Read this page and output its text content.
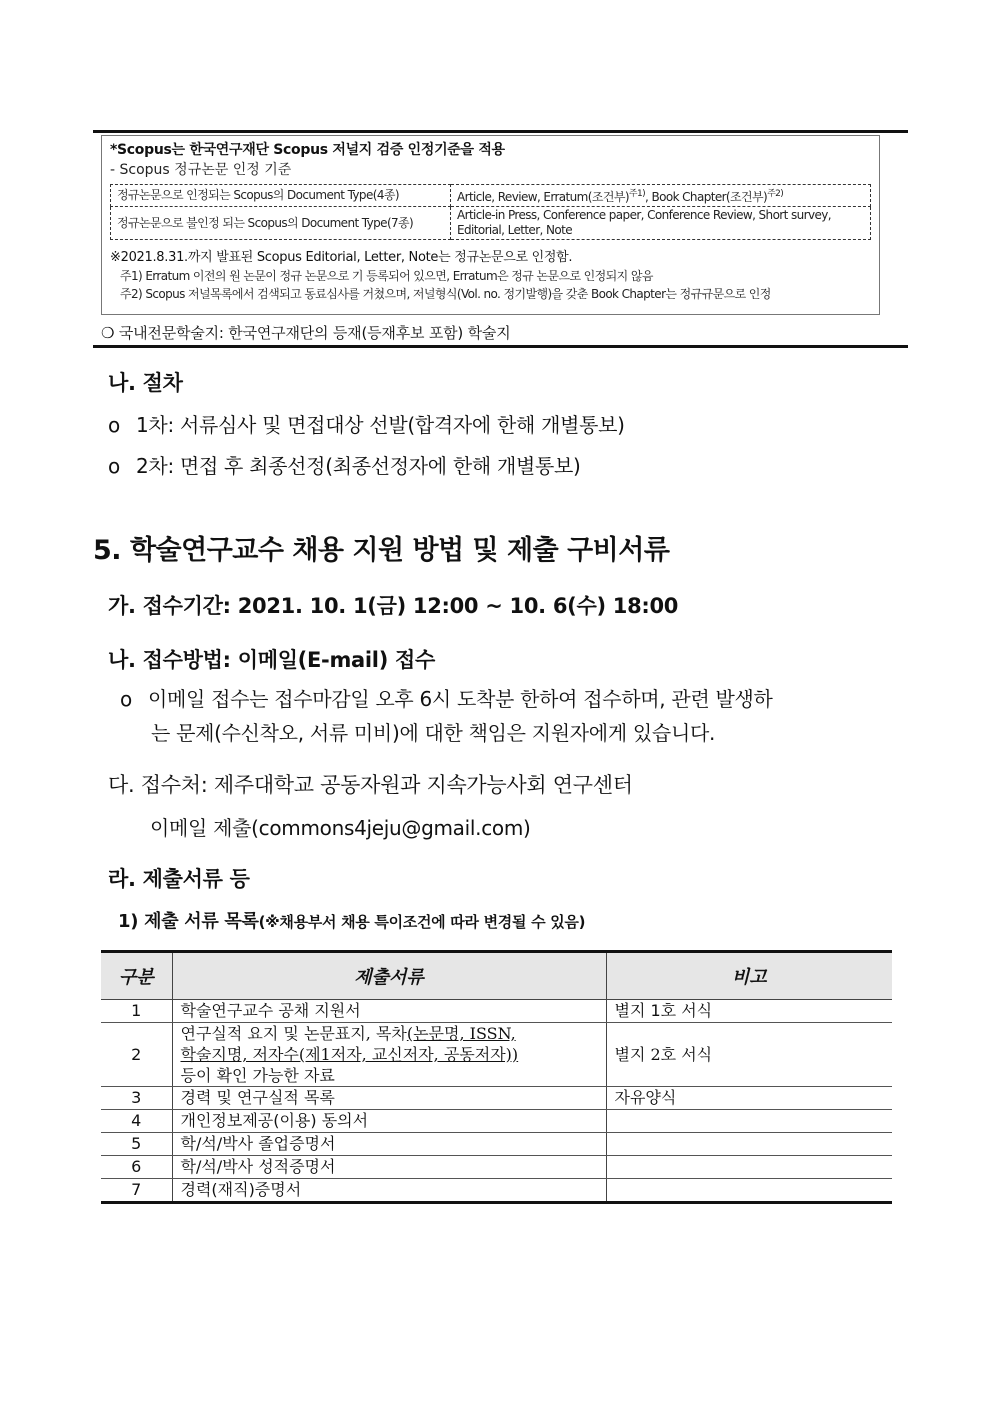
*Scopus는 한국연구재단 Scopus 저널지 검증 인정기준을 적용
- Scopus 정규논문 인정 기준
정규논문으로 인정되는 Scopus의 Document Type(4종)	Article, Review, Erratum(조건부)$^{주1)}$, Book Chapter(조건부)$^{주2)}$
정규논문으로 불인정 되는 Scopus의 Document Type(7종)	Article-in Press, Conference paper, Conference Review, Short survey, Editorial, Letter, Note
※2021.8.31.까지 발표된 Scopus Editorial, Letter, Note는 정규논문으로 인정함.
주1) Erratum 이전의 원 논문이 정규 논문으로 기 등록되어 있으면, Erratum은 정규 논문으로 인정되지 않음
주2) Scopus 저널목록에서 검색되고 동료심사를 거쳤으며, 저널형식(Vol. no. 정기발행)을 갖춘 Book Chapter는 정규규문으로 인정
❍ 국내전문학술지: 한국연구재단의 등재(등재후보 포함) 학술지
나. 절차
ο 1차: 서류심사 및 면접대상 선발(합격자에 한해 개별통보)
ο 2차: 면접 후 최종선정(최종선정자에 한해 개별통보)
5. 학술연구교수 채용 지원 방법 및 제출 구비서류
가. 접수기간: 2021. 10. 1(금) 12:00 ~ 10. 6(수) 18:00
나. 접수방법: 이메일(E-mail) 접수
ο 이메일 접수는 접수마감일 오후 6시 도착분 한하여 접수하며, 관련 발생하
는 문제(수신착오, 서류 미비)에 대한 책임은 지원자에게 있습니다.
다. 접수처: 제주대학교 공동자원과 지속가능사회 연구센터
이메일 제출(commons4jeju@gmail.com)
라. 제출서류 등
1) 제출 서류 목록(※채용부서 채용 특이조건에 따라 변경될 수 있음)
구분	제출서류	비고
1	학술연구교수 공채 지원서	별지 1호 서식
2	연구실적 요지 및 논문표지, 목차(논문명, ISSN,
학술지명, 저자수(제1저자, 교신저자, 공동저자))
등이 확인 가능한 자료	별지 2호 서식
3	경력 및 연구실적 목록	자유양식
4	개인정보제공(이용) 동의서	
5	학/석/박사 졸업증명서	
6	학/석/박사 성적증명서	
7	경력(재직)증명서	
